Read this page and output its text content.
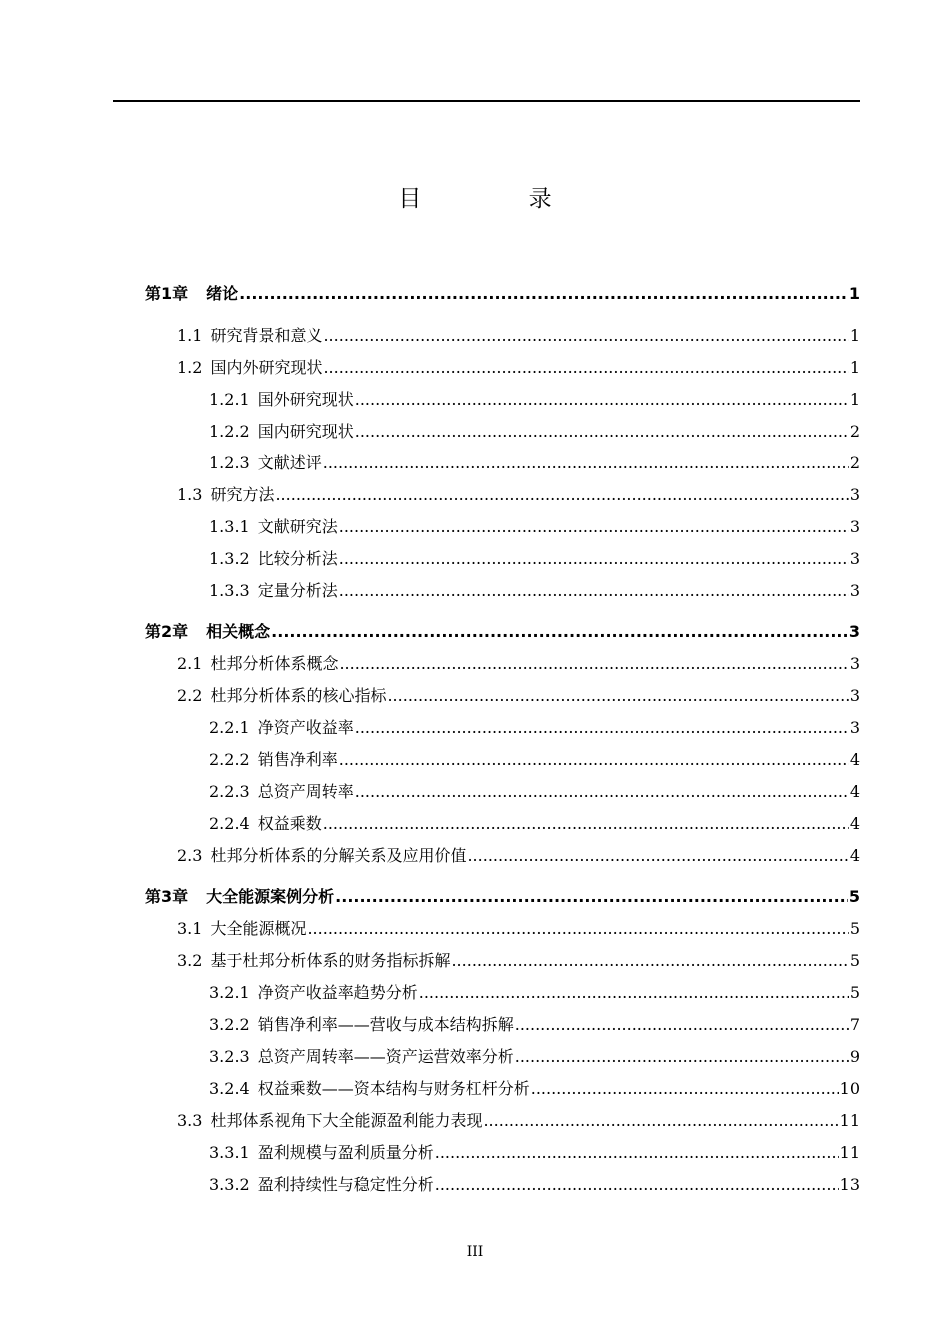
目 录
第1章 绪论 .....	1
1.1 研究背景和意义 .....	1
1.2 国内外研究现状 .....	1
1.2.1 国外研究现状 .....	1
1.2.2 国内研究现状 .....	2
1.2.3 文献述评 .....	2
1.3 研究方法 .....	3
1.3.1 文献研究法 .....	3
1.3.2 比较分析法 .....	3
1.3.3 定量分析法 .....	3
第2章 相关概念 .....	3
2.1 杜邦分析体系概念 .....	3
2.2 杜邦分析体系的核心指标 .....	3
2.2.1 净资产收益率 .....	3
2.2.2 销售净利率 .....	4
2.2.3 总资产周转率 .....	4
2.2.4 权益乘数 .....	4
2.3 杜邦分析体系的分解关系及应用价值 .....	4
第3章 大全能源案例分析 .....	5
3.1 大全能源概况 .....	5
3.2 基于杜邦分析体系的财务指标拆解 .....	5
3.2.1 净资产收益率趋势分析 .....	5
3.2.2 销售净利率——营收与成本结构拆解 .....	7
3.2.3 总资产周转率——资产运营效率分析 .....	9
3.2.4 权益乘数——资本结构与财务杠杆分析 .....	10
3.3 杜邦体系视角下大全能源盈利能力表现 .....	11
3.3.1 盈利规模与盈利质量分析 .....	11
3.3.2 盈利持续性与稳定性分析 .....	13
III
